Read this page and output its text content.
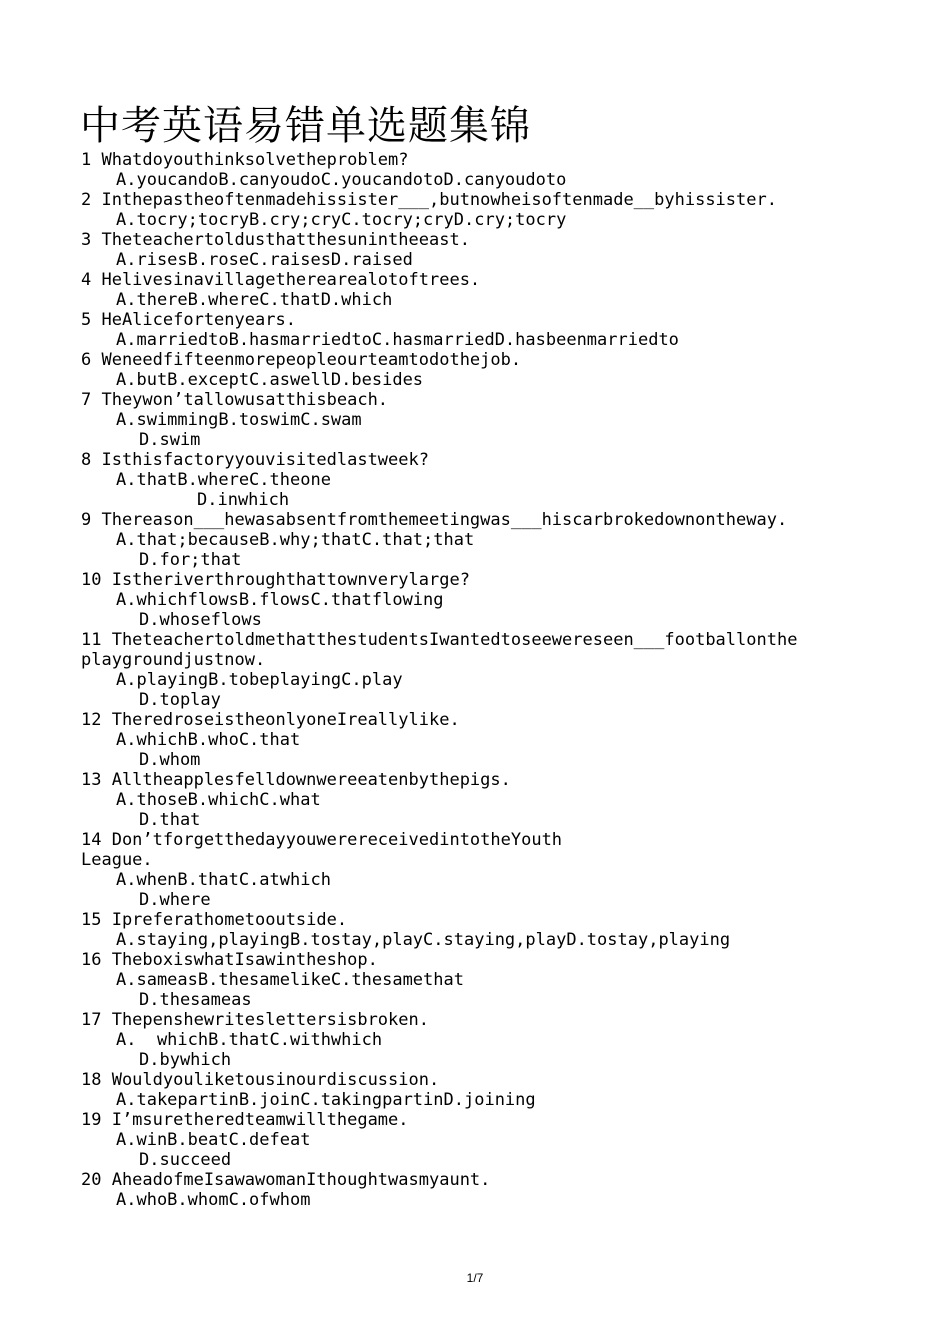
中考英语易错单选题集锦
1 Whatdoyouthinksolvetheproblem?
A.youcandoB.canyoudoC.youcandotoD.canyoudoto
2 Inthepastheoftenmadehissister___,butnowheisoftenmade__byhissister.
A.tocry;tocryB.cry;cryC.tocry;cryD.cry;tocry
3 Theteachertoldusthatthesunintheeast.
A.risesB.roseC.raisesD.raised
4 Helivesinavillagetherearealotoftrees.
A.thereB.whereC.thatD.which
5 HeAlicefortenyears.
A.marriedtoB.hasmarriedtoC.hasmarriedD.hasbeenmarriedto
6 Weneedfifteenmorepeopleourteamtodothejob.
A.butB.exceptC.aswellD.besides
7 Theywon’tallowusatthisbeach.
A.swimmingB.toswimC.swam
D.swim
8 Isthisfactoryyouvisitedlastweek?
A.thatB.whereC.theone
D.inwhich
9 Thereason___hewasabsentfromthemeetingwas___hiscarbrokedownontheway.
A.that;becauseB.why;thatC.that;that
D.for;that
10 Istheriverthroughthattownverylarge?
A.whichflowsB.flowsC.thatflowing
D.whoseflows
11 TheteachertoldmethatthestudentsIwantedtoseewereseen___footballonthe
playgroundjustnow.
A.playingB.tobeplayingC.play
D.toplay
12 TheredroseistheonlyoneIreallylike.
A.whichB.whoC.that
D.whom
13 Alltheapplesfelldownwereeatenbythepigs.
A.thoseB.whichC.what
D.that
14 Don’tforgetthedayyouwerereceivedintotheYouth
League.
A.whenB.thatC.atwhich
D.where
15 Ipreferathometooutside.
A.staying,playingB.tostay,playC.staying,playD.tostay,playing
16 TheboxiswhatIsawintheshop.
A.sameasB.thesamelikeC.thesamethat
D.thesameas
17 Thepenshewriteslettersisbroken.
A.  whichB.thatC.withwhich
D.bywhich
18 Wouldyouliketousinourdiscussion.
A.takepartinB.joinC.takingpartinD.joining
19 I’msuretheredteamwillthegame.
A.winB.beatC.defeat
D.succeed
20 AheadofmeIsawawomanIthoughtwasmyaunt.
A.whoB.whomC.ofwhom
1/7
